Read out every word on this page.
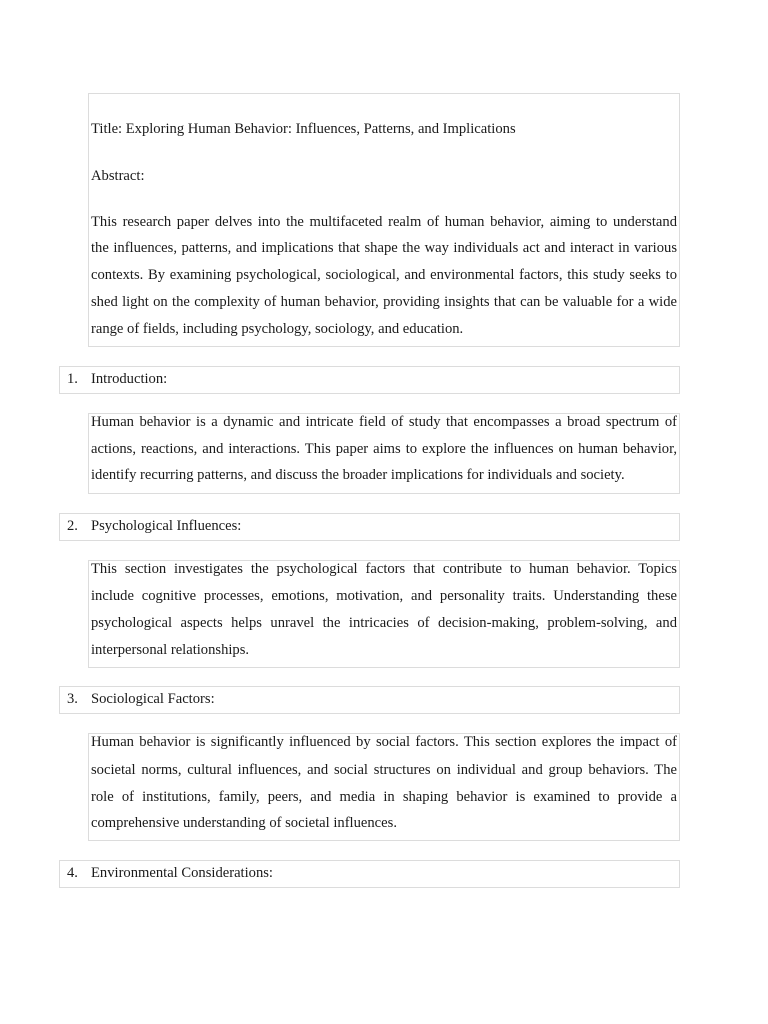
Title: Exploring Human Behavior: Influences, Patterns, and Implications
Abstract:
This research paper delves into the multifaceted realm of human behavior, aiming to understand
the influences, patterns, and implications that shape the way individuals act and interact in various
contexts. By examining psychological, sociological, and environmental factors, this study seeks to
shed light on the complexity of human behavior, providing insights that can be valuable for a wide
range of fields, including psychology, sociology, and education.
1. Introduction:
Human behavior is a dynamic and intricate field of study that encompasses a broad spectrum of
actions, reactions, and interactions. This paper aims to explore the influences on human behavior,
identify recurring patterns, and discuss the broader implications for individuals and society.
2. Psychological Influences:
This section investigates the psychological factors that contribute to human behavior. Topics
include cognitive processes, emotions, motivation, and personality traits. Understanding these
psychological aspects helps unravel the intricacies of decision-making, problem-solving, and
interpersonal relationships.
3. Sociological Factors:
Human behavior is significantly influenced by social factors. This section explores the impact of
societal norms, cultural influences, and social structures on individual and group behaviors. The
role of institutions, family, peers, and media in shaping behavior is examined to provide a
comprehensive understanding of societal influences.
4. Environmental Considerations:
